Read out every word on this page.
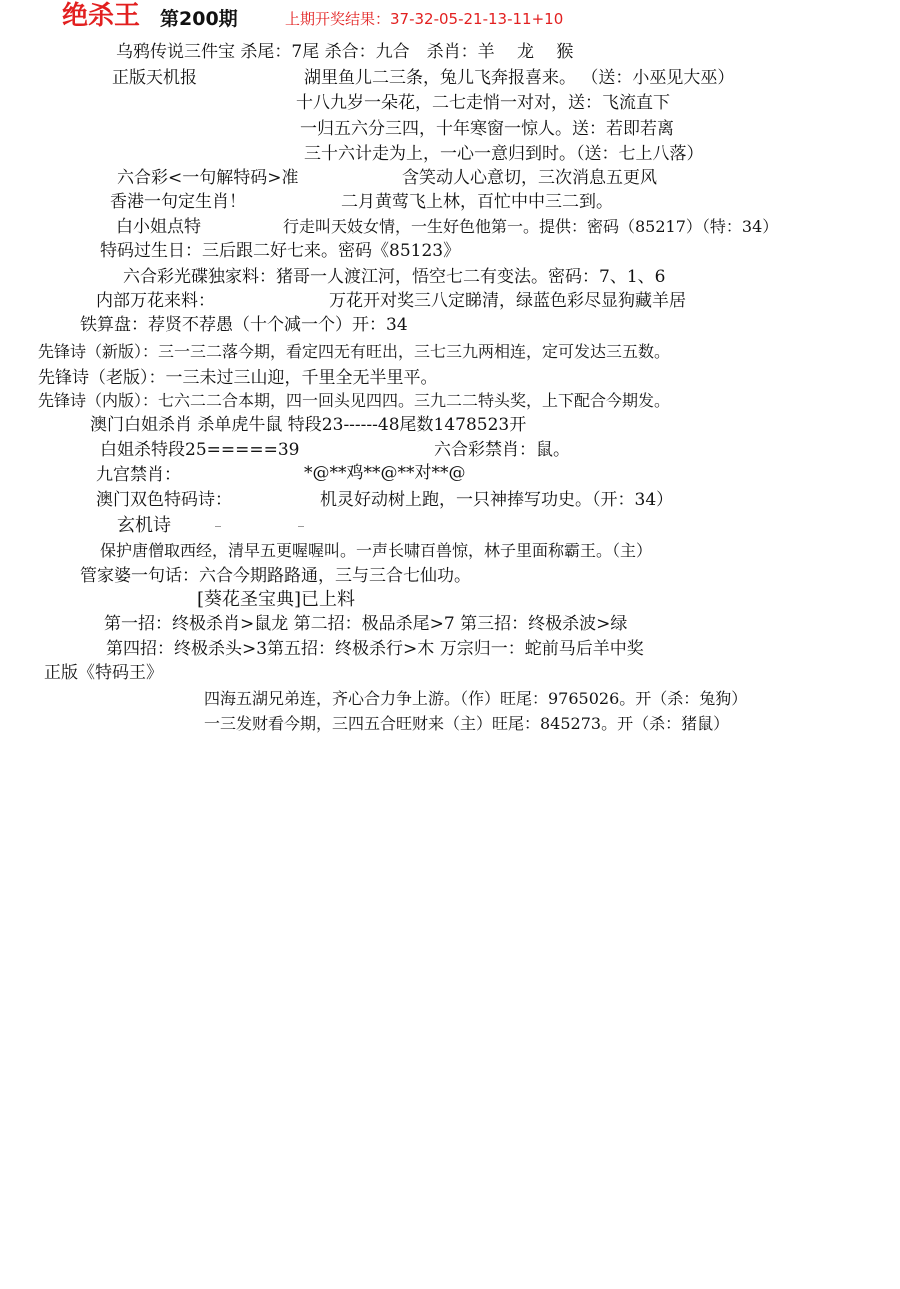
绝杀王 第200期	上期开奖结果：37-32-05-21-13-11+10
乌鸦传说三件宝 杀尾：7尾 杀合：九合　杀肖：羊　 龙　 猴
正版天机报	湖里鱼儿二三条，兔儿飞奔报喜来。 （送：小巫见大巫）
十八九岁一朵花，二七走悄一对对，送：飞流直下
一归五六分三四，十年寒窗一惊人。送：若即若离
三十六计走为上，一心一意归到时。（送：七上八落）
六合彩<一句解特码>准	含笑动人心意切，三次消息五更风
香港一句定生肖！	二月黄莺飞上林，百忙中中三二到。
白小姐点特	行走叫天妓女情，一生好色他第一。提供：密码（85217）（特：34）
特码过生日：三后跟二好七来。密码《85123》
六合彩光碟独家料：猪哥一人渡江河，悟空七二有变法。密码：7、1、6
内部万花来料：	万花开对奖三八定睇清，绿蓝色彩尽显狗藏羊居
铁算盘：荐贤不荐愚（十个减一个）开：34
先锋诗（新版）：三一三二落今期，看定四无有旺出，三七三九两相连，定可发达三五数。
先锋诗（老版）：一三未过三山迎，千里全无半里平。
先锋诗（内版）：七六二二合本期，四一回头见四四。三九二二特头奖，上下配合今期发。
澳门白姐杀肖 杀单虎牛鼠 特段23------48尾数1478523开
白姐杀特段25=====39	六合彩禁肖：鼠。
九宫禁肖：	*@**鸡**@**对**@
澳门双色特码诗：	机灵好动树上跑，一只神捧写功史。（开：34）
玄机诗
保护唐僧取西经，清早五更喔喔叫。一声长啸百兽惊，林子里面称霸王。（主）
管家婆一句话：六合今期路路通，三与三合七仙功。
[葵花圣宝典]已上料
第一招：终极杀肖>鼠龙 第二招：极品杀尾>7 第三招：终极杀波>绿
第四招：终极杀头>3第五招：终极杀行>木 万宗归一：蛇前马后羊中奖
正版《特码王》
四海五湖兄弟连，齐心合力争上游。（作）旺尾：9765026。开（杀：兔狗）
一三发财看今期，三四五合旺财来（主）旺尾：845273。开（杀：猪鼠）
